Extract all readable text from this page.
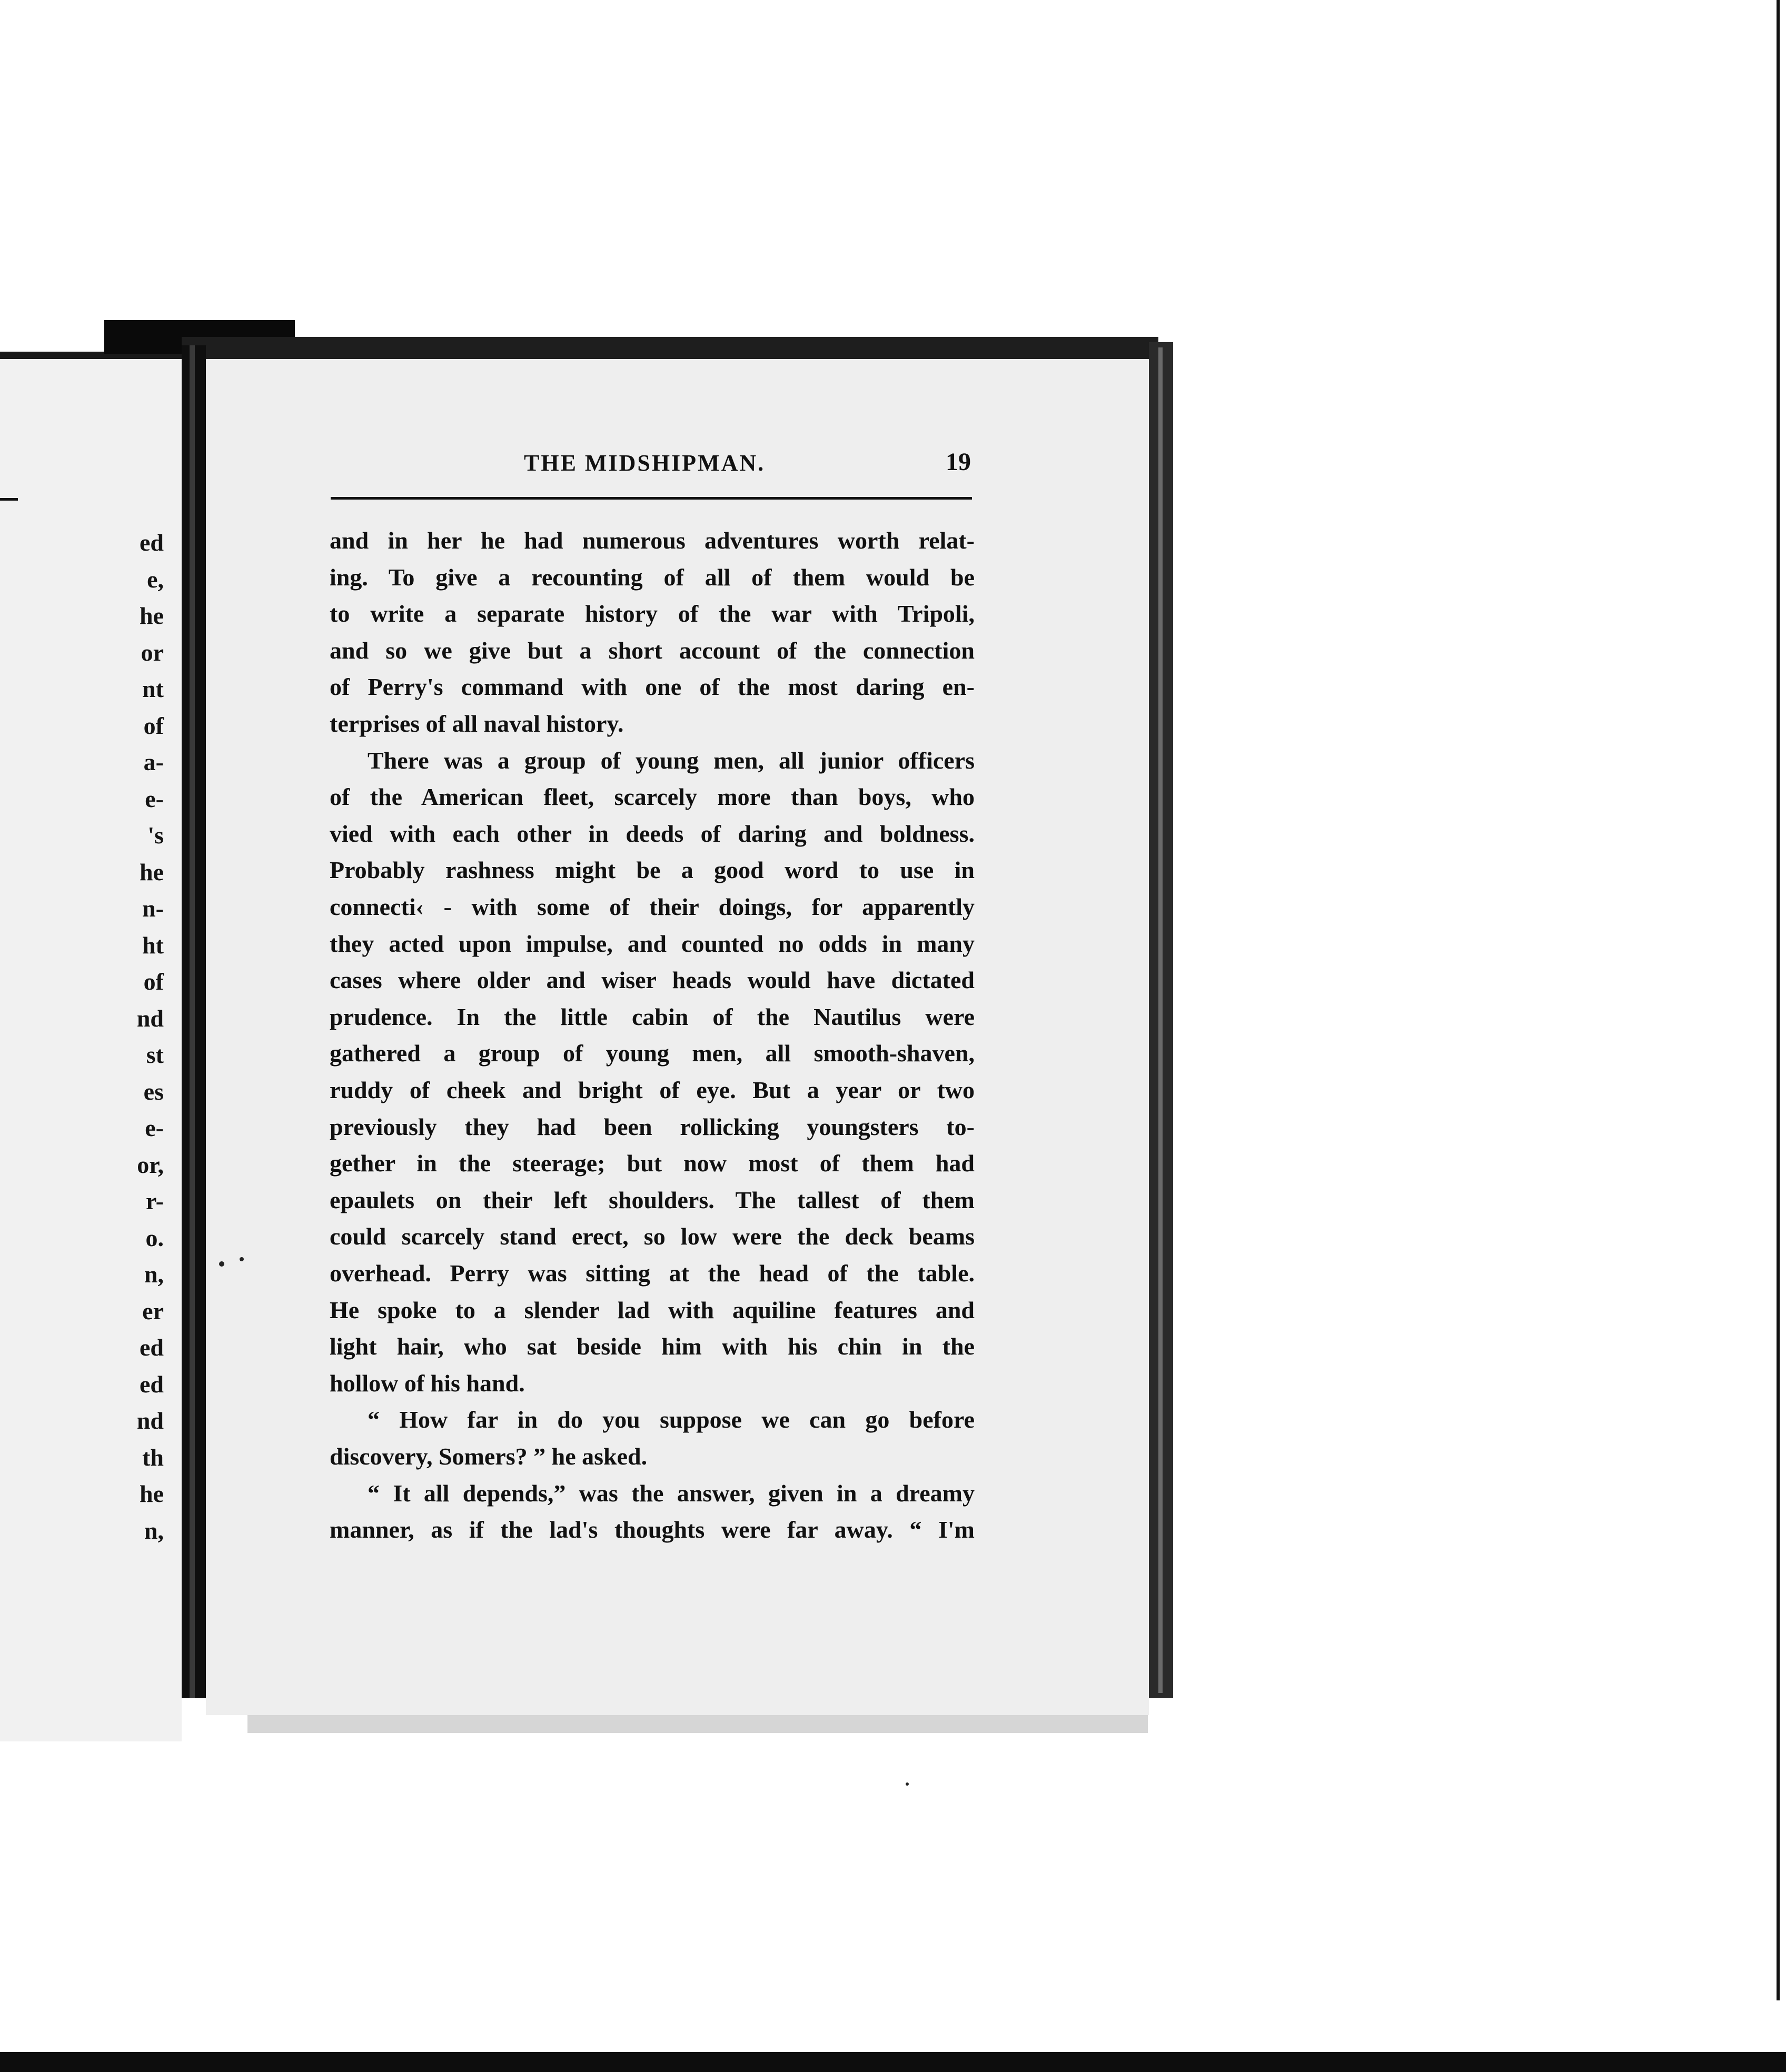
ed
e,
he
or
nt
of
a-
e-
's
he
n-
ht
of
nd
st
es
e-
or,
r-
o.
n,
er
ed
ed
nd
th
he
n,
THE MIDSHIPMAN.	19
and in her he had numerous adventures worth relat-
ing. To give a recounting of all of them would be
to write a separate history of the war with Tripoli,
and so we give but a short account of the connection
of Perry's command with one of the most daring en-
terprises of all naval history.
There was a group of young men, all junior officers
of the American fleet, scarcely more than boys, who
vied with each other in deeds of daring and boldness.
Probably rashness might be a good word to use in
connecti‹ ‑ with some of their doings, for apparently
they acted upon impulse, and counted no odds in many
cases where older and wiser heads would have dictated
prudence. In the little cabin of the Nautilus were
gathered a group of young men, all smooth-shaven,
ruddy of cheek and bright of eye. But a year or two
previously they had been rollicking youngsters to-
gether in the steerage; but now most of them had
epaulets on their left shoulders. The tallest of them
could scarcely stand erect, so low were the deck beams
overhead. Perry was sitting at the head of the table.
He spoke to a slender lad with aquiline features and
light hair, who sat beside him with his chin in the
hollow of his hand.
“ How far in do you suppose we can go before
discovery, Somers? ” he asked.
“ It all depends,” was the answer, given in a dreamy
manner, as if the lad's thoughts were far away. “ I'm
